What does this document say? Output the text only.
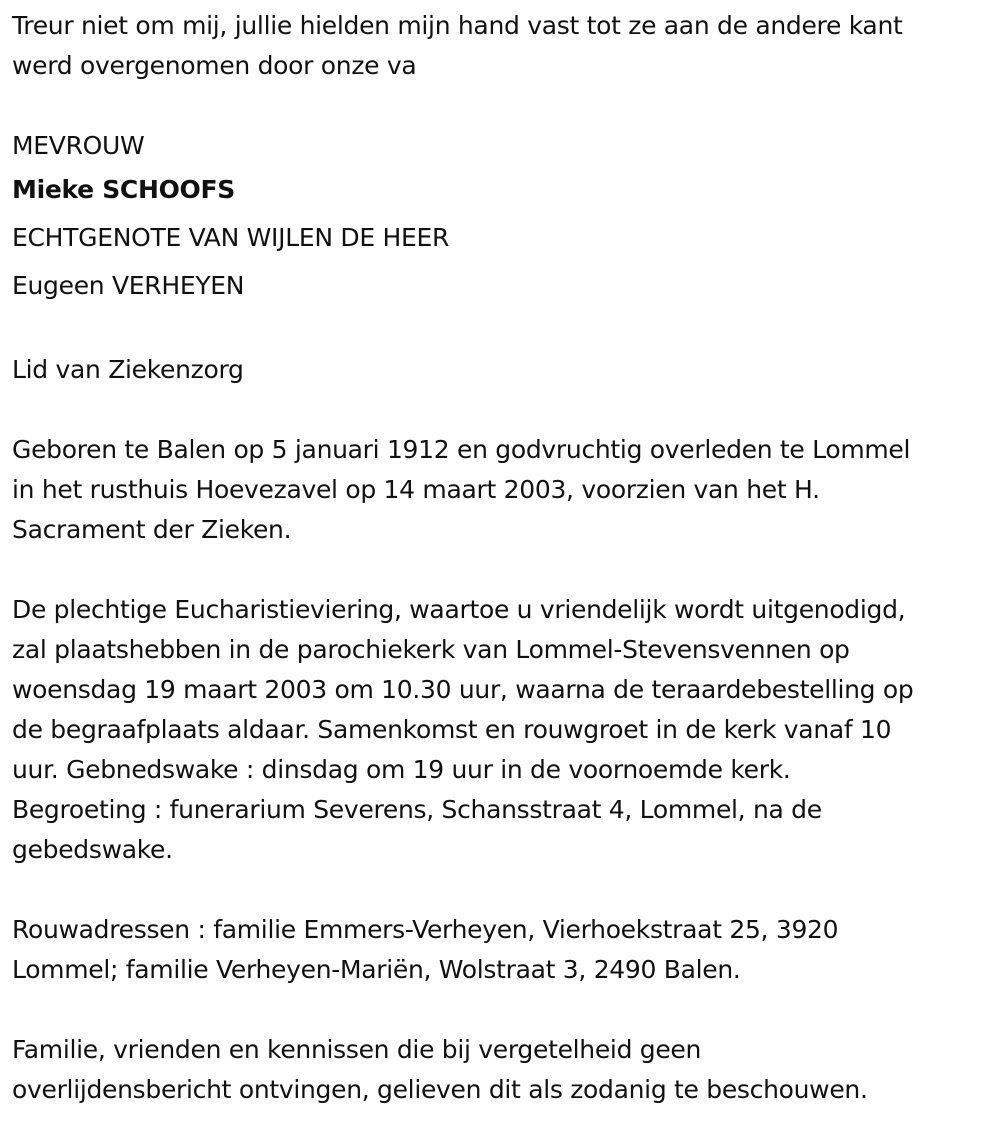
Treur niet om mij, jullie hielden mijn hand vast tot ze aan de andere kant
werd overgenomen door onze va
MEVROUW
Mieke SCHOOFS
ECHTGENOTE VAN WIJLEN DE HEER
Eugeen VERHEYEN
Lid van Ziekenzorg
Geboren te Balen op 5 januari 1912 en godvruchtig overleden te Lommel
in het rusthuis Hoevezavel op 14 maart 2003, voorzien van het H.
Sacrament der Zieken.
De plechtige Eucharistieviering, waartoe u vriendelijk wordt uitgenodigd,
zal plaatshebben in de parochiekerk van Lommel-Stevensvennen op
woensdag 19 maart 2003 om 10.30 uur, waarna de teraardebestelling op
de begraafplaats aldaar. Samenkomst en rouwgroet in de kerk vanaf 10
uur. Gebnedswake : dinsdag om 19 uur in de voornoemde kerk.
Begroeting : funerarium Severens, Schansstraat 4, Lommel, na de
gebedswake.
Rouwadressen : familie Emmers-Verheyen, Vierhoekstraat 25, 3920
Lommel; familie Verheyen-Mariën, Wolstraat 3, 2490 Balen.
Familie, vrienden en kennissen die bij vergetelheid geen
overlijdensbericht ontvingen, gelieven dit als zodanig te beschouwen.
